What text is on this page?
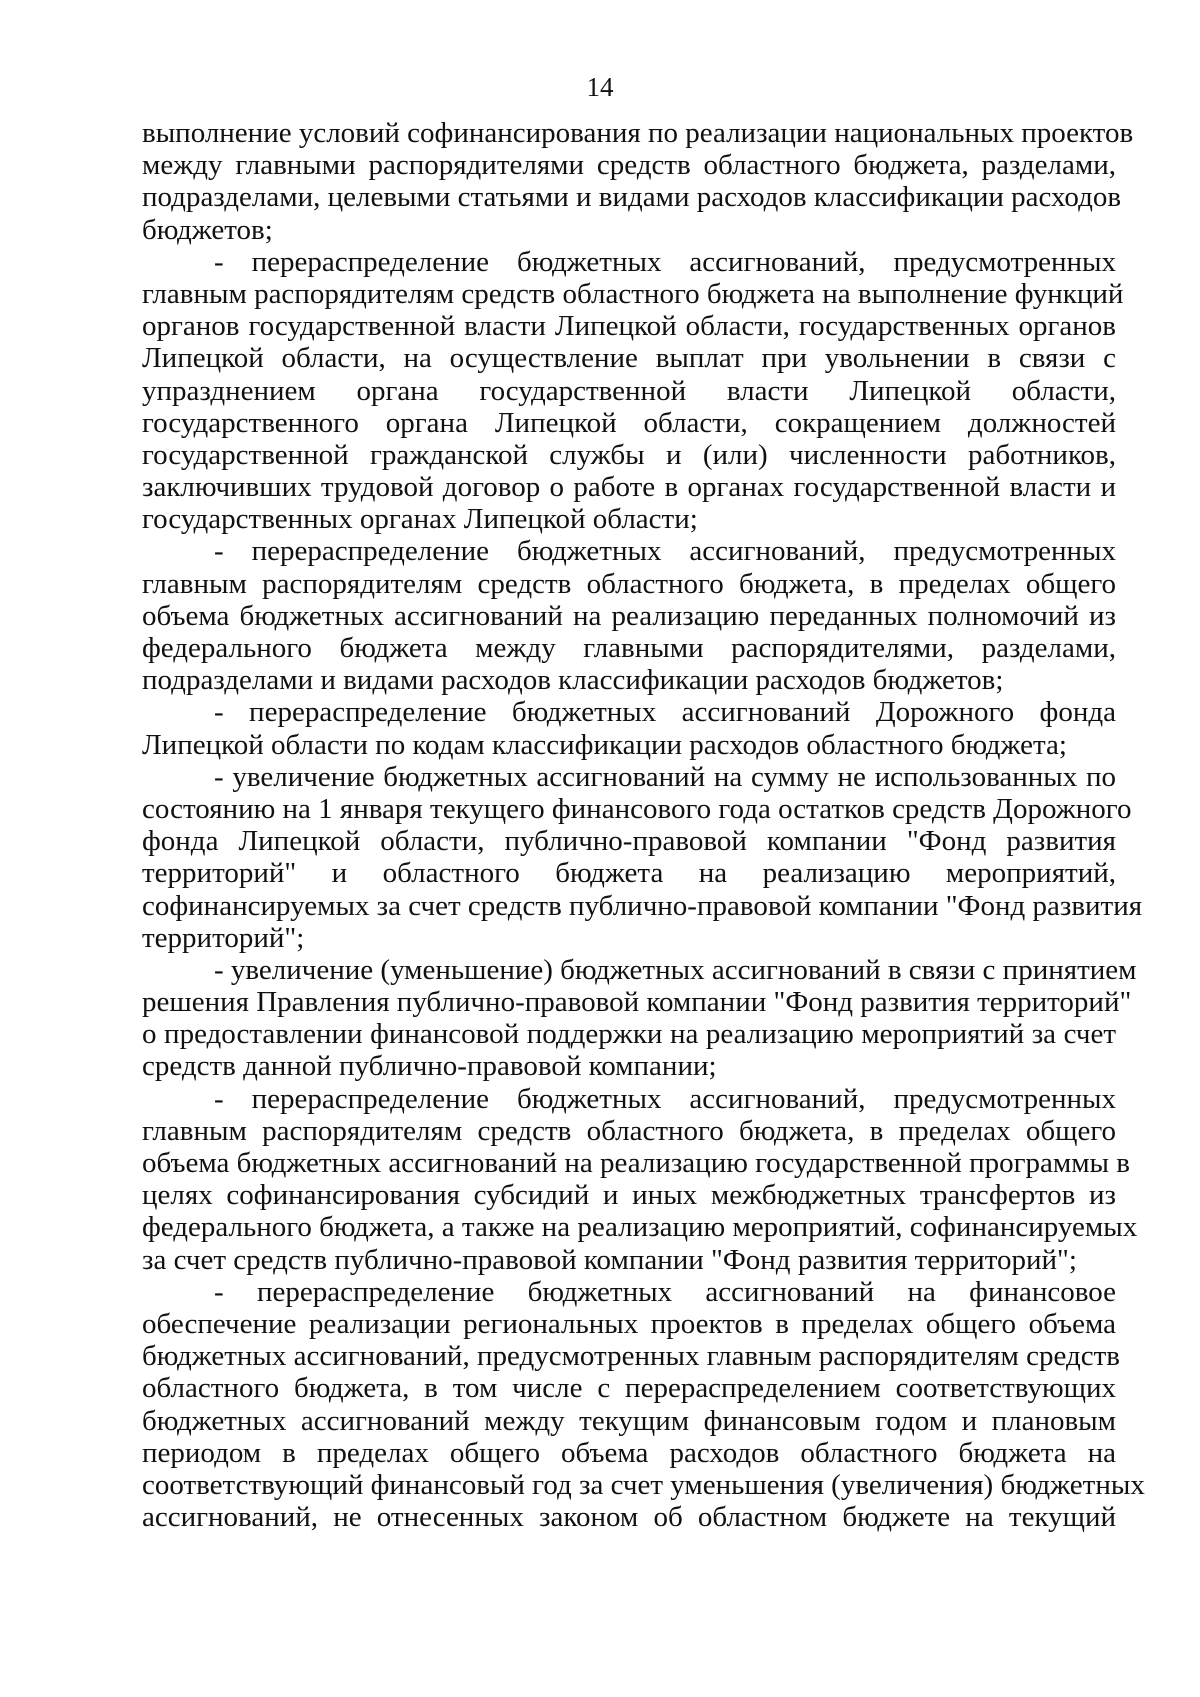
14
выполнение условий софинансирования по реализации национальных проектов
между главными распорядителями средств областного бюджета, разделами,
подразделами, целевыми статьями и видами расходов классификации расходов
бюджетов;
- перераспределение бюджетных ассигнований, предусмотренных
главным распорядителям средств областного бюджета на выполнение функций
органов государственной власти Липецкой области, государственных органов
Липецкой области, на осуществление выплат при увольнении в связи с
упразднением органа государственной власти Липецкой области,
государственного органа Липецкой области, сокращением должностей
государственной гражданской службы и (или) численности работников,
заключивших трудовой договор о работе в органах государственной власти и
государственных органах Липецкой области;
- перераспределение бюджетных ассигнований, предусмотренных
главным распорядителям средств областного бюджета, в пределах общего
объема бюджетных ассигнований на реализацию переданных полномочий из
федерального бюджета между главными распорядителями, разделами,
подразделами и видами расходов классификации расходов бюджетов;
- перераспределение бюджетных ассигнований Дорожного фонда
Липецкой области по кодам классификации расходов областного бюджета;
- увеличение бюджетных ассигнований на сумму не использованных по
состоянию на 1 января текущего финансового года остатков средств Дорожного
фонда Липецкой области, публично-правовой компании "Фонд развития
территорий" и областного бюджета на реализацию мероприятий,
софинансируемых за счет средств публично-правовой компании "Фонд развития
территорий";
- увеличение (уменьшение) бюджетных ассигнований в связи с принятием
решения Правления публично-правовой компании "Фонд развития территорий"
о предоставлении финансовой поддержки на реализацию мероприятий за счет
средств данной публично-правовой компании;
- перераспределение бюджетных ассигнований, предусмотренных
главным распорядителям средств областного бюджета, в пределах общего
объема бюджетных ассигнований на реализацию государственной программы в
целях софинансирования субсидий и иных межбюджетных трансфертов из
федерального бюджета, а также на реализацию мероприятий, софинансируемых
за счет средств публично-правовой компании "Фонд развития территорий";
- перераспределение бюджетных ассигнований на финансовое
обеспечение реализации региональных проектов в пределах общего объема
бюджетных ассигнований, предусмотренных главным распорядителям средств
областного бюджета, в том числе с перераспределением соответствующих
бюджетных ассигнований между текущим финансовым годом и плановым
периодом в пределах общего объема расходов областного бюджета на
соответствующий финансовый год за счет уменьшения (увеличения) бюджетных
ассигнований, не отнесенных законом об областном бюджете на текущий
